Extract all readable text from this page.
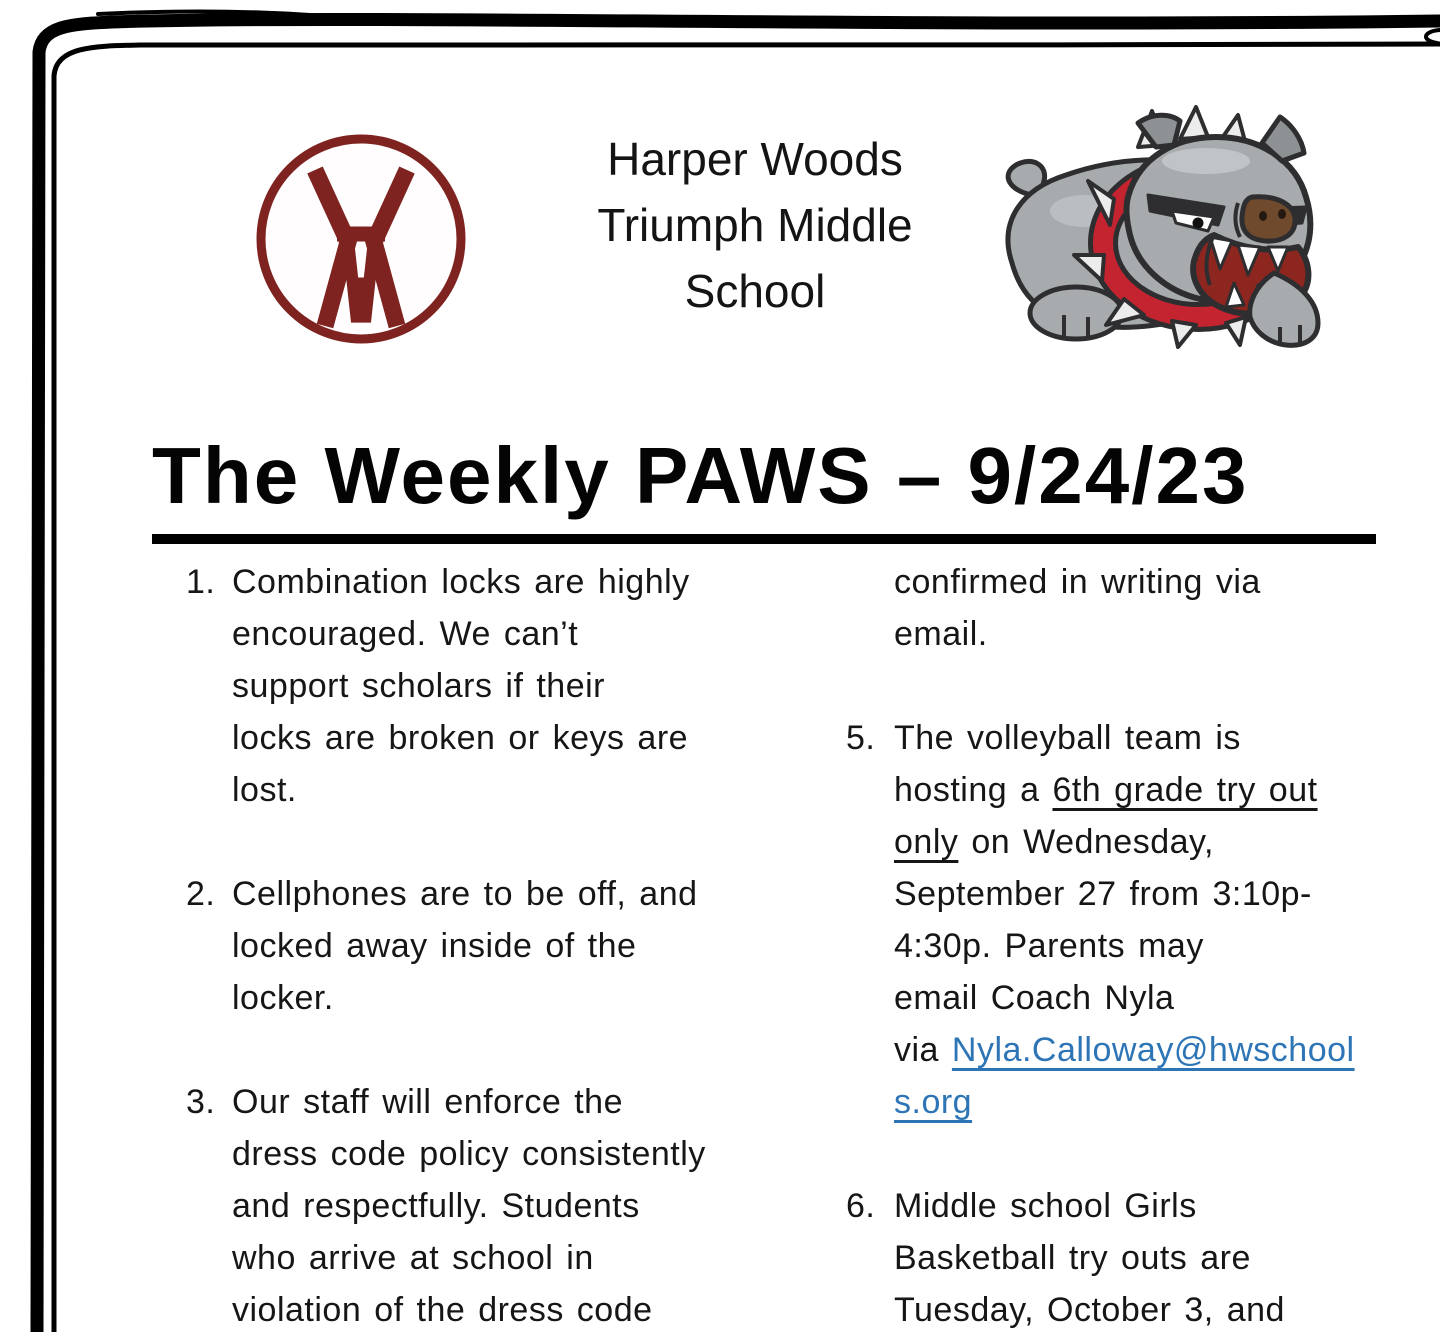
Harper Woods
Triumph Middle
School
The Weekly PAWS – 9/24/23
1. Combination locks are highly
encouraged. We can’t
support scholars if their
locks are broken or keys are
lost.
2. Cellphones are to be off, and
locked away inside of the
locker.
3. Our staff will enforce the
dress code policy consistently
and respectfully. Students
who arrive at school in
violation of the dress code
confirmed in writing via
email.
5. The volleyball team is
hosting a 6th grade try out
only on Wednesday,
September 27 from 3:10p-
4:30p. Parents may
email Coach Nyla
via Nyla.Calloway@hwschool
s.org
6. Middle school Girls
Basketball try outs are
Tuesday, October 3, and
